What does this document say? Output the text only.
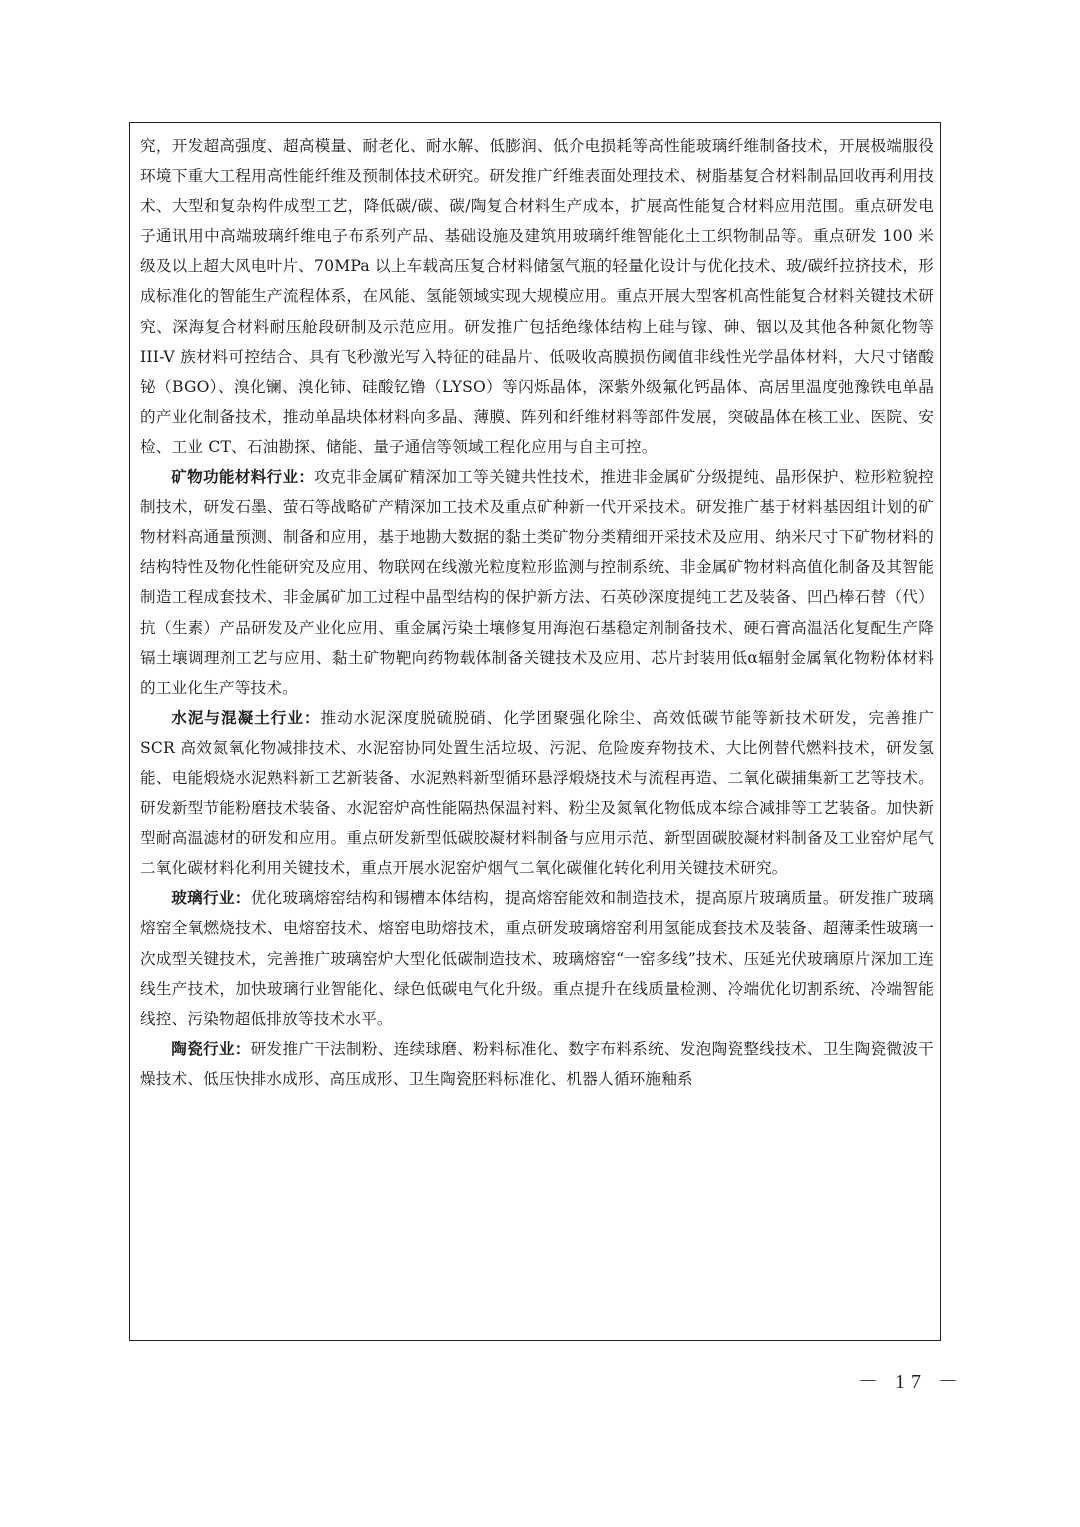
究，开发超高强度、超高模量、耐老化、耐水解、低膨润、低介电损耗等高性能玻璃纤维制备技术，开展极端服役环境下重大工程用高性能纤维及预制体技术研究。研发推广纤维表面处理技术、树脂基复合材料制品回收再利用技术、大型和复杂构件成型工艺，降低碳/碳、碳/陶复合材料生产成本，扩展高性能复合材料应用范围。重点研发电子通讯用中高端玻璃纤维电子布系列产品、基础设施及建筑用玻璃纤维智能化土工织物制品等。重点研发 100 米级及以上超大风电叶片、70MPa 以上车载高压复合材料储氢气瓶的轻量化设计与优化技术、玻/碳纤拉挤技术，形成标准化的智能生产流程体系，在风能、氢能领域实现大规模应用。重点开展大型客机高性能复合材料关键技术研究、深海复合材料耐压舱段研制及示范应用。研发推广包括绝缘体结构上硅与镓、砷、铟以及其他各种氮化物等 III-V 族材料可控结合、具有飞秒激光写入特征的硅晶片、低吸收高膜损伤阈值非线性光学晶体材料，大尺寸锗酸铋（BGO）、溴化镧、溴化铈、硅酸钇镥（LYSO）等闪烁晶体，深紫外级氟化钙晶体、高居里温度弛豫铁电单晶的产业化制备技术，推动单晶块体材料向多晶、薄膜、阵列和纤维材料等部件发展，突破晶体在核工业、医院、安检、工业 CT、石油勘探、储能、量子通信等领域工程化应用与自主可控。

矿物功能材料行业：攻克非金属矿精深加工等关键共性技术，推进非金属矿分级提纯、晶形保护、粒形粒貌控制技术，研发石墨、萤石等战略矿产精深加工技术及重点矿种新一代开采技术。研发推广基于材料基因组计划的矿物材料高通量预测、制备和应用，基于地勘大数据的黏土类矿物分类精细开采技术及应用、纳米尺寸下矿物材料的结构特性及物化性能研究及应用、物联网在线激光粒度粒形监测与控制系统、非金属矿物材料高值化制备及其智能制造工程成套技术、非金属矿加工过程中晶型结构的保护新方法、石英砂深度提纯工艺及装备、凹凸棒石替（代）抗（生素）产品研发及产业化应用、重金属污染土壤修复用海泡石基稳定剂制备技术、硬石膏高温活化复配生产降镉土壤调理剂工艺与应用、黏土矿物靶向药物载体制备关键技术及应用、芯片封装用低α辐射金属氧化物粉体材料的工业化生产等技术。

水泥与混凝土行业：推动水泥深度脱硫脱硝、化学团聚强化除尘、高效低碳节能等新技术研发，完善推广 SCR 高效氮氧化物减排技术、水泥窑协同处置生活垃圾、污泥、危险废弃物技术、大比例替代燃料技术，研发氢能、电能煅烧水泥熟料新工艺新装备、水泥熟料新型循环悬浮煅烧技术与流程再造、二氧化碳捕集新工艺等技术。研发新型节能粉磨技术装备、水泥窑炉高性能隔热保温衬料、粉尘及氮氧化物低成本综合减排等工艺装备。加快新型耐高温滤材的研发和应用。重点研发新型低碳胶凝材料制备与应用示范、新型固碳胶凝材料制备及工业窑炉尾气二氧化碳材料化利用关键技术，重点开展水泥窑炉烟气二氧化碳催化转化利用关键技术研究。

玻璃行业：优化玻璃熔窑结构和锡槽本体结构，提高熔窑能效和制造技术，提高原片玻璃质量。研发推广玻璃熔窑全氧燃烧技术、电熔窑技术、熔窑电助熔技术，重点研发玻璃熔窑利用氢能成套技术及装备、超薄柔性玻璃一次成型关键技术，完善推广玻璃窑炉大型化低碳制造技术、玻璃熔窑“一窑多线”技术、压延光伏玻璃原片深加工连线生产技术，加快玻璃行业智能化、绿色低碳电气化升级。重点提升在线质量检测、冷端优化切割系统、冷端智能线控、污染物超低排放等技术水平。

陶瓷行业：研发推广干法制粉、连续球磨、粉料标准化、数字布料系统、发泡陶瓷整线技术、卫生陶瓷微波干燥技术、低压快排水成形、高压成形、卫生陶瓷胚料标准化、机器人循环施釉系

－ 17 －
